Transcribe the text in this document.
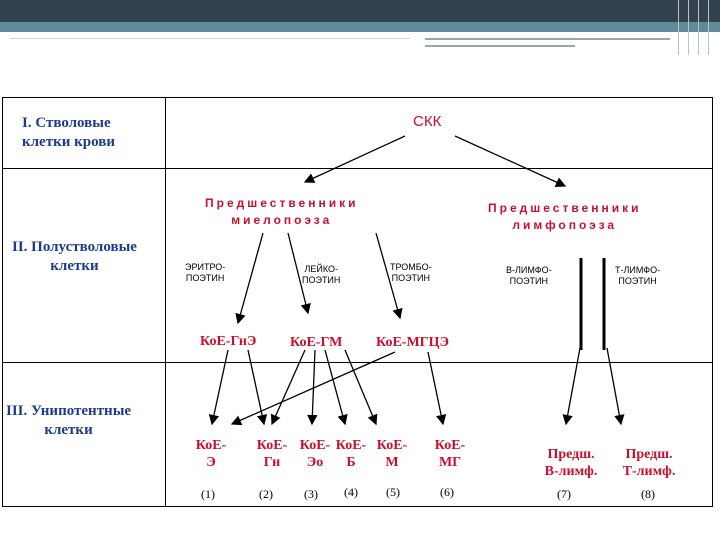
I. Стволовые
клетки крови
II. Полустволовые
клетки
III. Унипотентные
клетки
СКК
Предшественники
миелопоэза
Предшественники
лимфопоэза
ЭРИТРО-
ПОЭТИН
ЛЕЙКО-
ПОЭТИН
ТРОМБО-
ПОЭТИН
В-ЛИМФО-
ПОЭТИН
Т-ЛИМФО-
ПОЭТИН
КоЕ-ГнЭ КоЕ-ГМ КоЕ-МГЦЭ
КоЕ-
Э
КоЕ-
Гн
КоЕ-
Эо
КоЕ-
Б
КоЕ-
М
КоЕ-
МГ
Предш.
В-лимф.
Предш.
Т-лимф.
(1)	(2)	(3) (4) (5)	(6)	(7)	(8)
